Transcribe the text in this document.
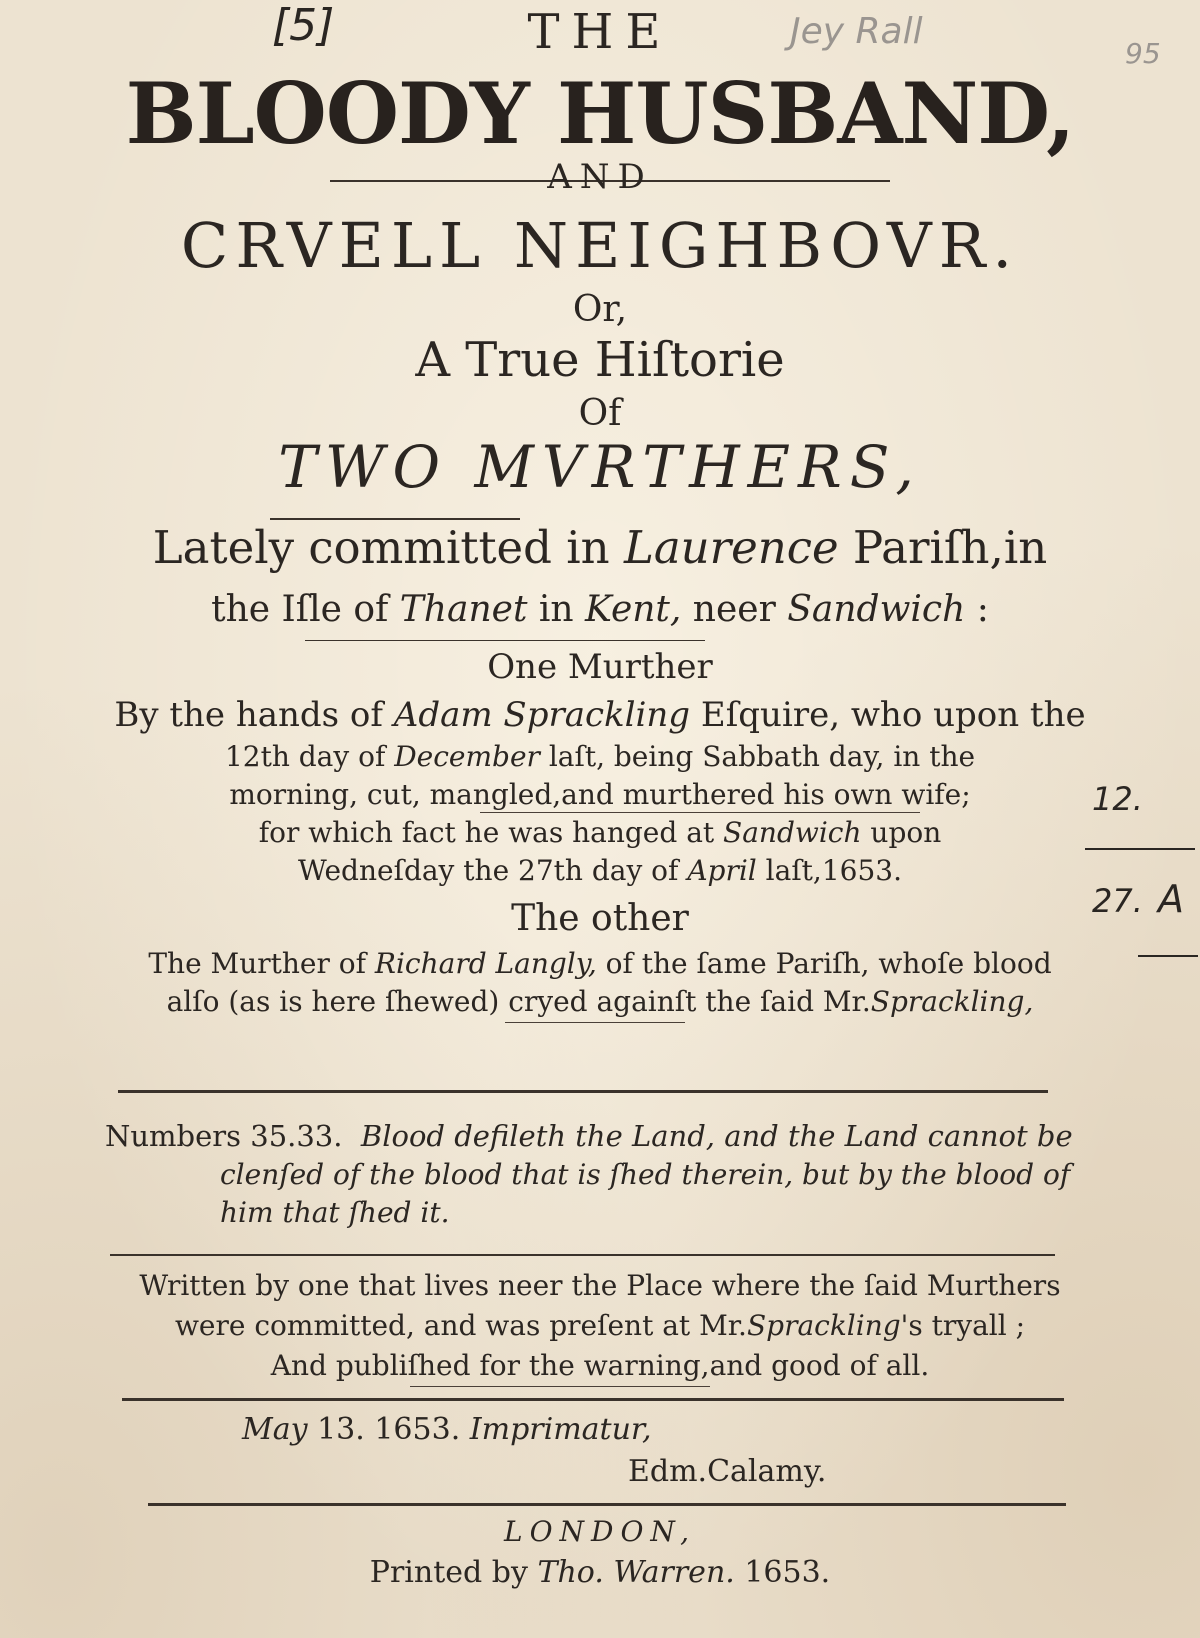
[5]	Jey Rall
95
THE
BLOODY HUSBAND,
AND
CRVELL NEIGHBOVR.
Or,
A True Hiſtorie
Of
TWO MVRTHERS,
Lately committed in Laurence Pariſh,in
the Iſle of Thanet in Kent, neer Sandwich :
One Murther
By the hands of Adam Sprackling Eſquire, who upon the
12th day of December laſt, being Sabbath day, in the
morning, cut, mangled,and murthered his own wife;
for which fact he was hanged at Sandwich upon
Wedneſday the 27th day of April laſt,1653.
The other
The Murther of Richard Langly, of the ſame Pariſh, whoſe blood
alſo (as is here ſhewed) cryed againſt the ſaid Mr.Sprackling,
12.
27. A
Numbers 35.33. Blood defileth the Land, and the Land cannot be
clenſed of the blood that is ſhed therein, but by the blood of
him that ſhed it.
Written by one that lives neer the Place where the ſaid Murthers
were committed, and was preſent at Mr.Sprackling's tryall ;
And publiſhed for the warning,and good of all.
May 13. 1653. Imprimatur,
Edm.Calamy.
LONDON,
Printed by Tho. Warren. 1653.
